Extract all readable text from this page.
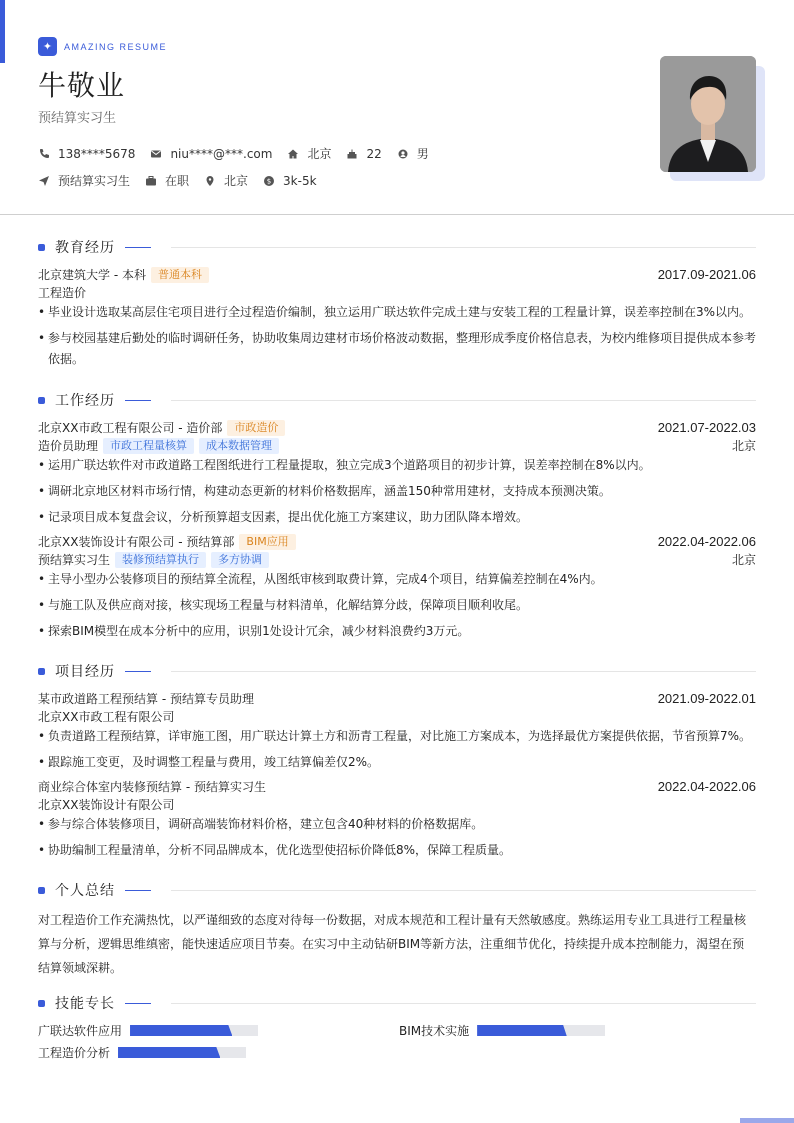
✦	AMAZING RESUME
牛敬业
预结算实习生
138****5678	niu****@***.com	北京	22	男
预结算实习生	在职	北京	$ 3k-5k
教育经历
北京建筑大学 - 本科	普通本科	2017.09-2021.06
工程造价
• 毕业设计选取某高层住宅项目进行全过程造价编制，独立运用广联达软件完成土建与安装工程的工程量计算，误差率控制在3%以内。
• 参与校园基建后勤处的临时调研任务，协助收集周边建材市场价格波动数据，整理形成季度价格信息表，为校内维修项目提供成本参考依据。
工作经历
北京XX市政工程有限公司 - 造价部	市政造价	2021.07-2022.03
造价员助理	市政工程量核算	成本数据管理	北京
• 运用广联达软件对市政道路工程图纸进行工程量提取，独立完成3个道路项目的初步计算，误差率控制在8%以内。
• 调研北京地区材料市场行情，构建动态更新的材料价格数据库，涵盖150种常用建材，支持成本预测决策。
• 记录项目成本复盘会议，分析预算超支因素，提出优化施工方案建议，助力团队降本增效。
北京XX装饰设计有限公司 - 预结算部	BIM应用	2022.04-2022.06
预结算实习生	装修预结算执行	多方协调	北京
• 主导小型办公装修项目的预结算全流程，从图纸审核到取费计算，完成4个项目，结算偏差控制在4%内。
• 与施工队及供应商对接，核实现场工程量与材料清单，化解结算分歧，保障项目顺利收尾。
• 探索BIM模型在成本分析中的应用，识别1处设计冗余，减少材料浪费约3万元。
项目经历
某市政道路工程预结算 - 预结算专员助理	2021.09-2022.01
北京XX市政工程有限公司
• 负责道路工程预结算，详审施工图，用广联达计算土方和沥青工程量，对比施工方案成本，为选择最优方案提供依据，节省预算7%。
• 跟踪施工变更，及时调整工程量与费用，竣工结算偏差仅2%。
商业综合体室内装修预结算 - 预结算实习生	2022.04-2022.06
北京XX装饰设计有限公司
• 参与综合体装修项目，调研高端装饰材料价格，建立包含40种材料的价格数据库。
• 协助编制工程量清单，分析不同品牌成本，优化选型使招标价降低8%，保障工程质量。
个人总结
对工程造价工作充满热忱，以严谨细致的态度对待每一份数据，对成本规范和工程计量有天然敏感度。熟练运用专业工具进行工程量核算与分析，逻辑思维缜密，能快速适应项目节奏。在实习中主动钻研BIM等新方法，注重细节优化，持续提升成本控制能力，渴望在预结算领域深耕。
技能专长
广联达软件应用	BIM技术实施
工程造价分析
